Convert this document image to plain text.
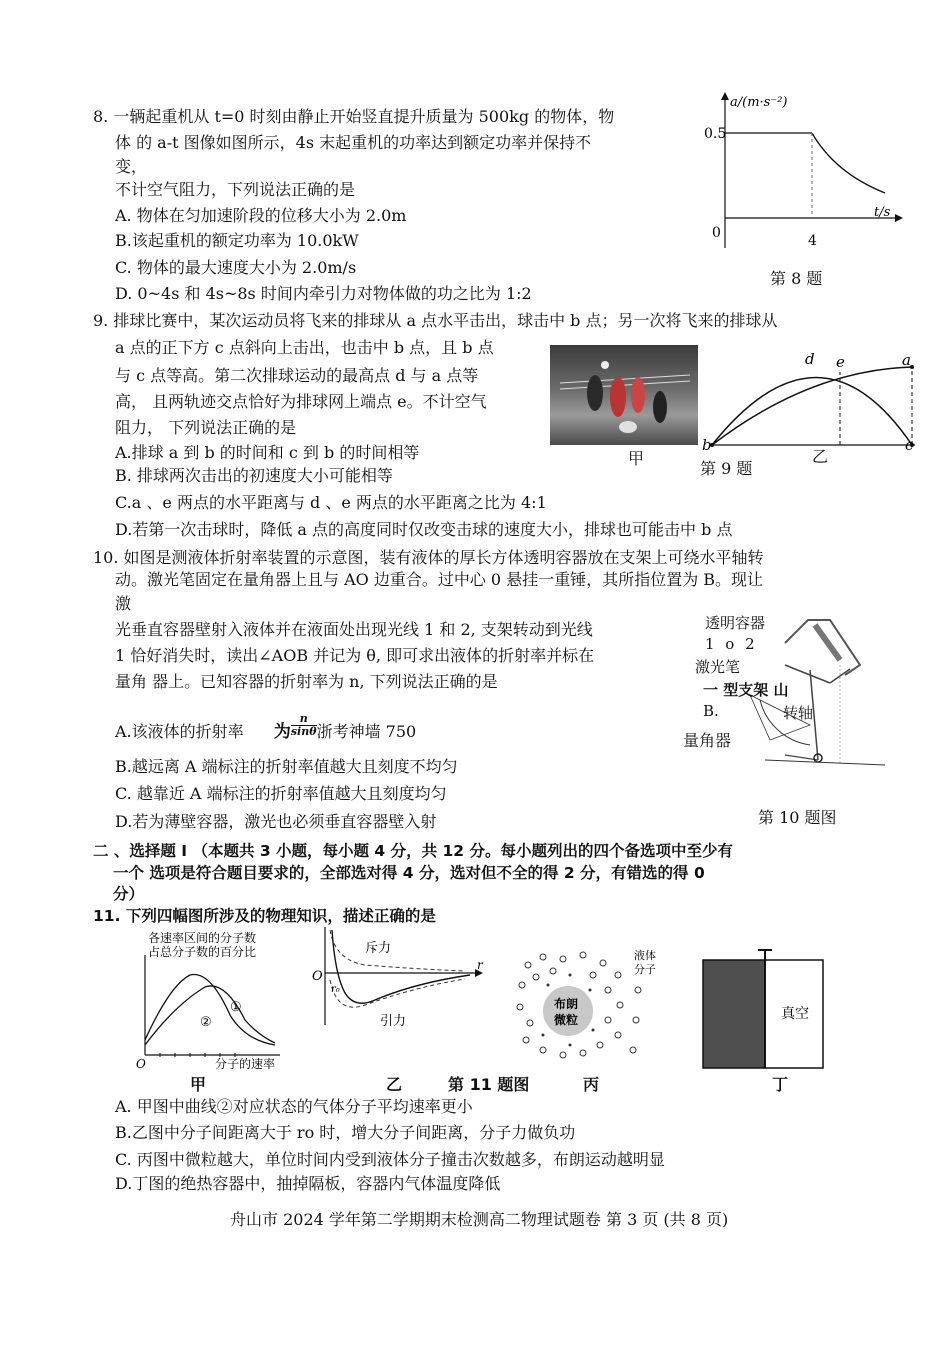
8. 一辆起重机从 t=0 时刻由静止开始竖直提升质量为 500kg 的物体，物
体 的 a-t 图像如图所示，4s 末起重机的功率达到额定功率并保持不
变，
不计空气阻力，下列说法正确的是
A. 物体在匀加速阶段的位移大小为 2.0m
B.该起重机的额定功率为 10.0kW
C. 物体的最大速度大小为 2.0m/s
D. 0~4s 和 4s~8s 时间内牵引力对物体做的功之比为 1:2
a/(m·s⁻²)
t/s
0.5
4
0
第 8 题
9. 排球比赛中，某次运动员将飞来的排球从 a 点水平击出，球击中 b 点；另一次将飞来的排球从
a 点的正下方 c 点斜向上击出，也击中 b 点，且 b 点
与 c 点等高。第二次排球运动的最高点 d 与 a 点等
高， 且两轨迹交点恰好为排球网上端点 e。不计空气
阻力， 下列说法正确的是
A.排球 a 到 b 的时间和 c 到 b 的时间相等
B. 排球两次击出的初速度大小可能相等
C.a 、e 两点的水平距离与 d 、e 两点的水平距离之比为 4:1
D.若第一次击球时，降低 a 点的高度同时仅改变击球的速度大小，排球也可能击中 b 点
甲
b	c
a
d e
第 9 题
乙
10. 如图是测液体折射率装置的示意图，装有液体的厚长方体透明容器放在支架上可绕水平轴转
动。激光笔固定在量角器上且与 AO 边重合。过中心 0 悬挂一重锤，其所指位置为 B。现让
激
光垂直容器壁射入液体并在液面处出现光线 1 和 2, 支架转动到光线
1 恰好消失时，读出∠AOB 并记为 θ, 即可求出液体的折射率并标在
量角 器上。已知容器的折射率为 n, 下列说法正确的是
A.该液体的折射率 为 $\frac{n}{\sin\theta}$ 浙考神墙 750
B.越远离 A 端标注的折射率值越大且刻度不均匀
C. 越靠近 A 端标注的折射率值越大且刻度均匀
D.若为薄壁容器，激光也必须垂直容器壁入射
透明容器
1 o 2
激光笔
一 型支架 山
B.	转轴
量角器
第 10 题图
二 、选择题 I （本题共 3 小题，每小题 4 分，共 12 分。每小题列出的四个备选项中至少有
一个 选项是符合题目要求的，全部选对得 4 分，选对但不全的得 2 分，有错选的得 0
分）
11. 下列四幅图所涉及的物理知识，描述正确的是
各速率区间的分子数
占总分子数的百分比
①
②
O	分子的速率
斥力
引力
O
r₀
r
布朗
微粒
液体
分子
真空
甲	乙	第 11 题图	丙	丁
A. 甲图中曲线②对应状态的气体分子平均速率更小
B.乙图中分子间距离大于 ro 时，增大分子间距离，分子力做负功
C. 丙图中微粒越大，单位时间内受到液体分子撞击次数越多，布朗运动越明显
D.丁图的绝热容器中，抽掉隔板，容器内气体温度降低
舟山市 2024 学年第二学期期末检测高二物理试题卷 第 3 页 (共 8 页)
